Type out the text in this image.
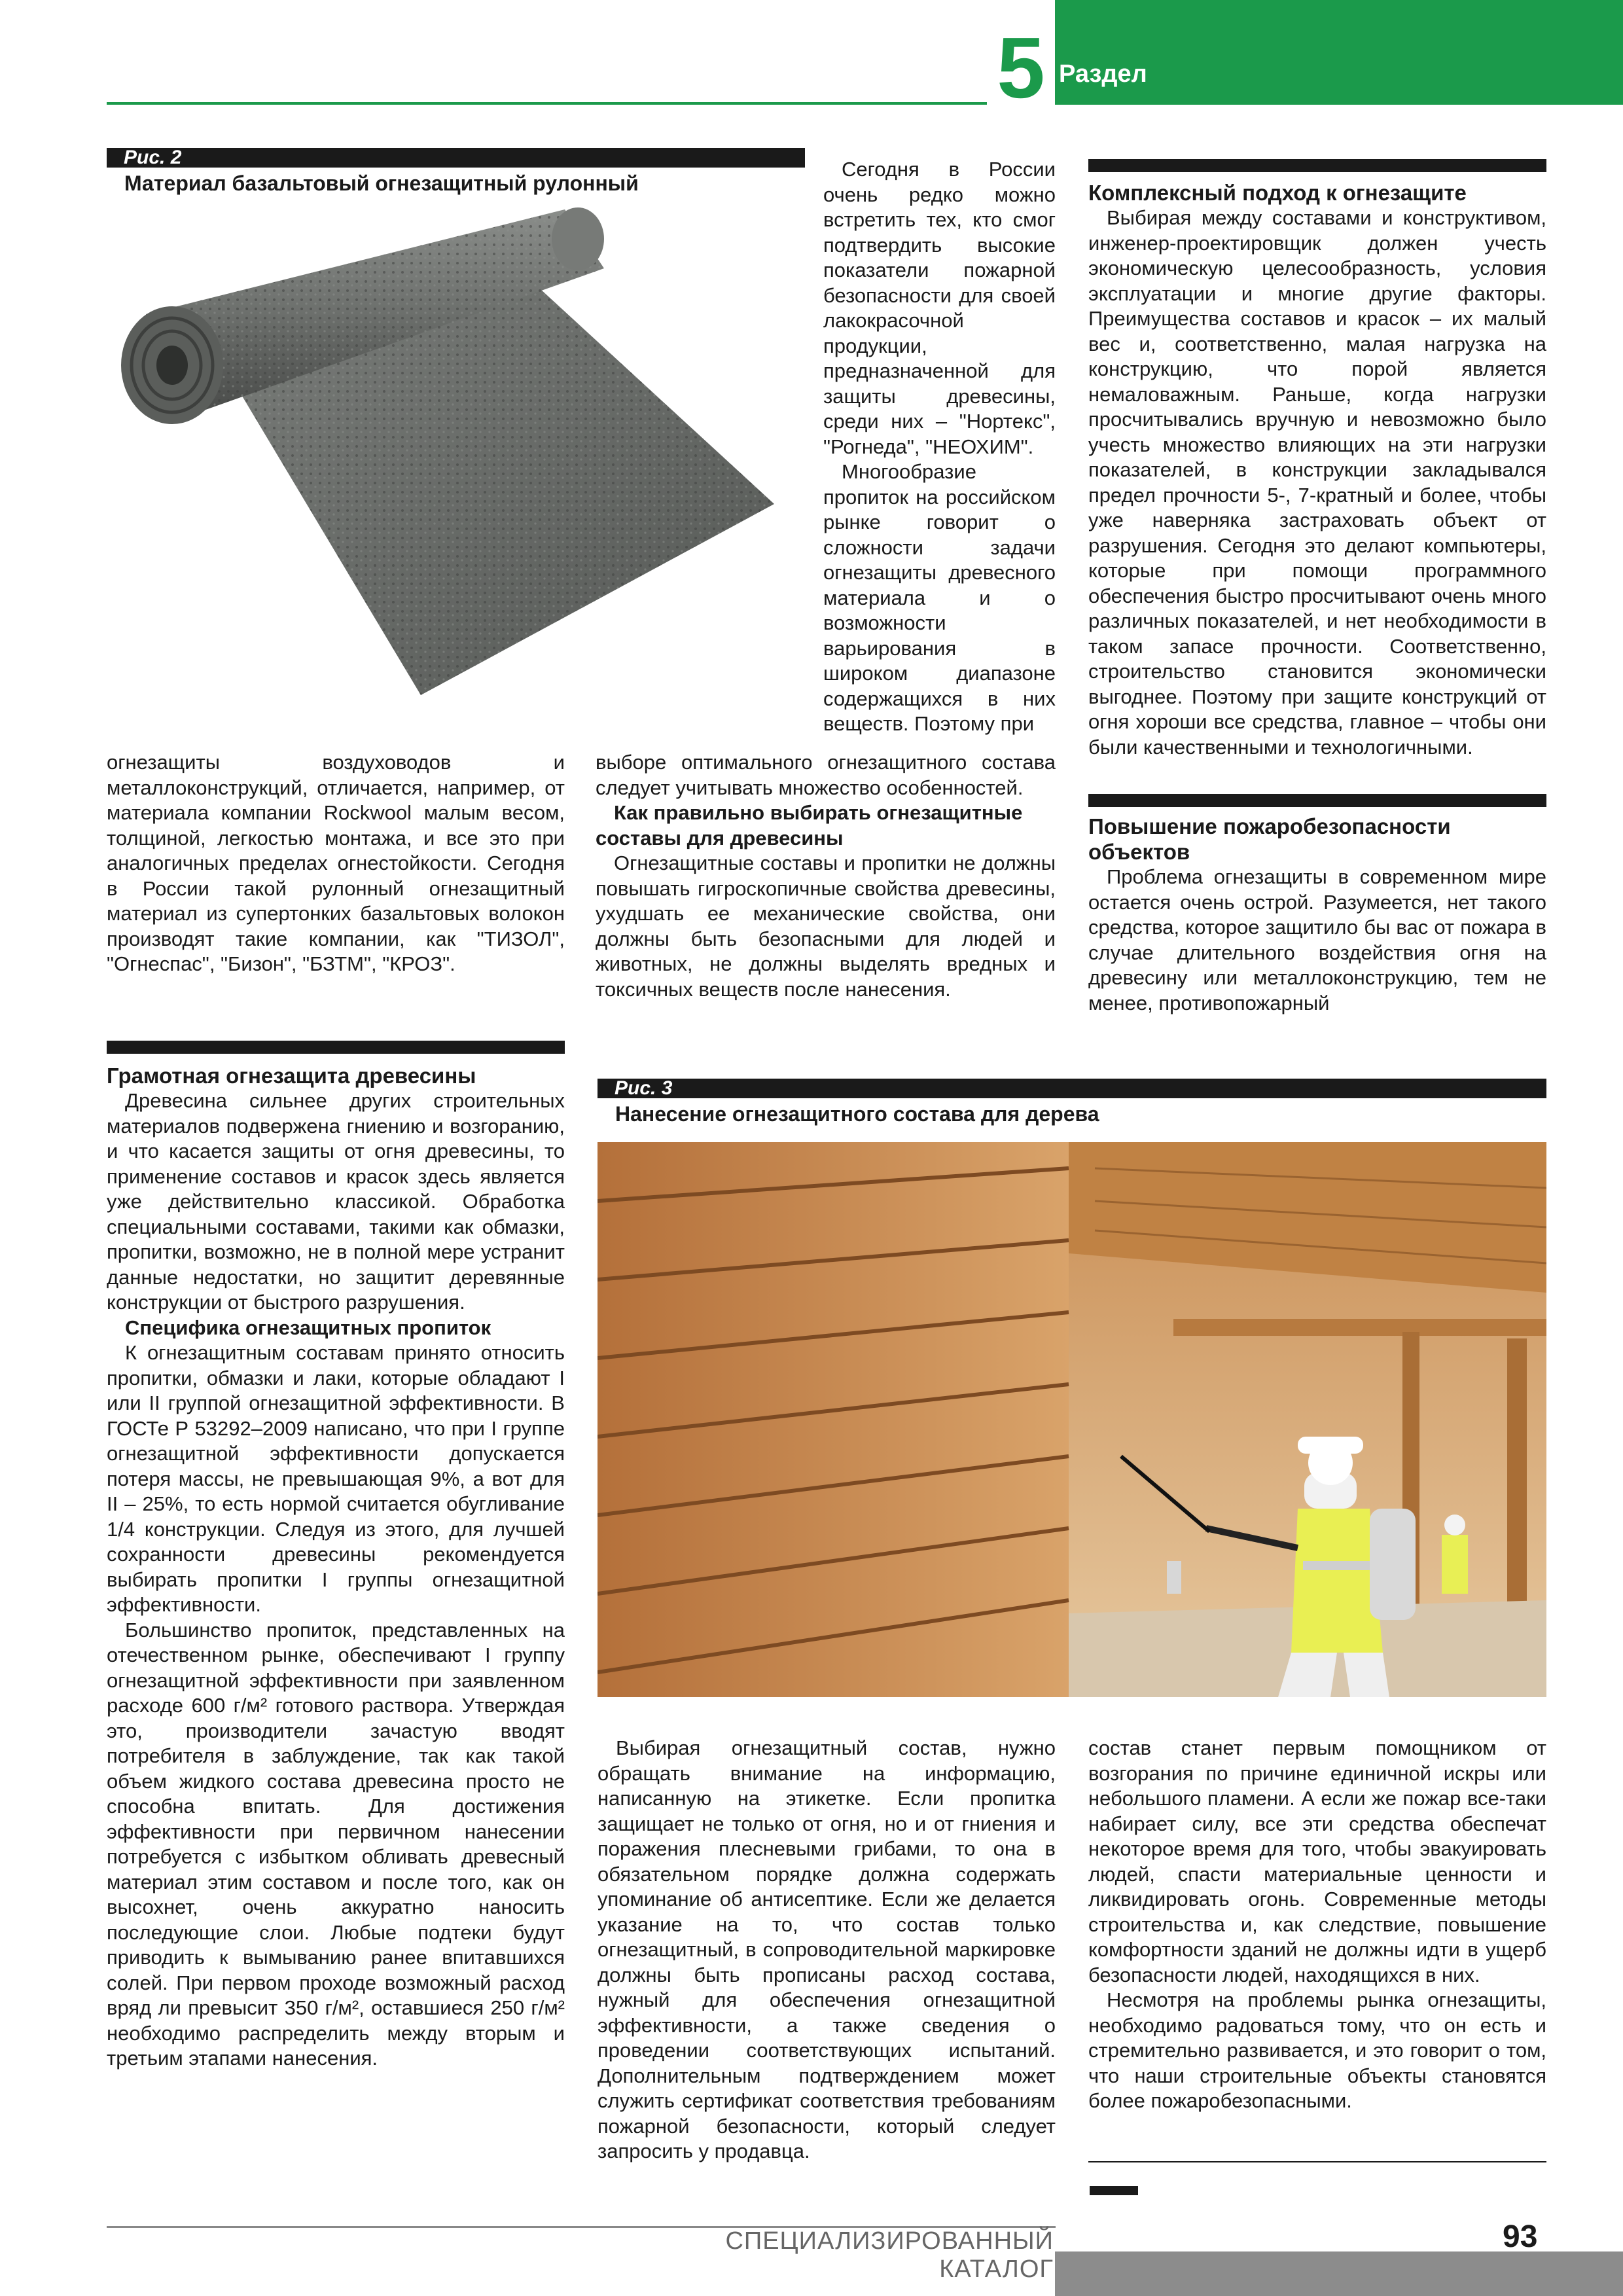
5 Раздел
Рис. 2
Материал базальтовый огнезащитный рулонный

Сегодня в России очень редко можно встретить тех, кто смог подтвердить высокие показатели пожарной безопасности для своей лакокрасочной продукции, предназначенной для защиты древесины, среди них – "Нортекс", "Рогнеда", "НЕОХИМ".

Многообразие пропиток на российском рынке говорит о сложности задачи огнезащиты древесного материала и о возможности варьирования в широком диапазоне содержащихся в них веществ. Поэтому при

Комплексный подход к огнезащите

Выбирая между составами и конструктивом, инженер-проектировщик должен учесть экономическую целесообразность, условия эксплуатации и многие другие факторы. Преимущества составов и красок – их малый вес и, соответственно, малая нагрузка на конструкцию, что порой является немаловажным. Раньше, когда нагрузки просчитывались вручную и невозможно было учесть множество влияющих на эти нагрузки показателей, в конструкции закладывался предел прочности 5-, 7-кратный и более, чтобы уже наверняка застраховать объект от разрушения. Сегодня это делают компьютеры, которые при помощи программного обеспечения быстро просчитывают очень много различных показателей, и нет необходимости в таком запасе прочности. Соответственно, строительство становится экономически выгоднее. Поэтому при защите конструкций от огня хороши все средства, главное – чтобы они были качественными и технологичными.

Повышение пожаробезопасности объектов

Проблема огнезащиты в современном мире остается очень острой. Разумеется, нет такого средства, которое защитило бы вас от пожара в случае длительного воздействия огня на древесину или металлоконструкцию, тем не менее, противопожарный

огнезащиты воздуховодов и металлоконструкций, отличается, например, от материала компании Rockwool малым весом, толщиной, легкостью монтажа, и все это при аналогичных пределах огнестойкости. Сегодня в России такой рулонный огнезащитный материал из супертонких базальтовых волокон производят такие компании, как "ТИЗОЛ", "Огнеспас", "Бизон", "БЗТМ", "КРОЗ".

выборе оптимального огнезащитного состава следует учитывать множество особенностей.

Как правильно выбирать огнезащитные составы для древесины

Огнезащитные составы и пропитки не должны повышать гигроскопичные свойства древесины, ухудшать ее механические свойства, они должны быть безопасными для людей и животных, не должны выделять вредных и токсичных веществ после нанесения.

Грамотная огнезащита древесины

Древесина сильнее других строительных материалов подвержена гниению и возгоранию, и что касается защиты от огня древесины, то применение составов и красок здесь является уже действительно классикой. Обработка специальными составами, такими как обмазки, пропитки, возможно, не в полной мере устранит данные недостатки, но защитит деревянные конструкции от быстрого разрушения.

Специфика огнезащитных пропиток

К огнезащитным составам принято относить пропитки, обмазки и лаки, которые обладают I или II группой огнезащитной эффективности. В ГОСТе Р 53292–2009 написано, что при I группе огнезащитной эффективности допускается потеря массы, не превышающая 9%, а вот для II – 25%, то есть нормой считается обугливание 1/4 конструкции. Следуя из этого, для лучшей сохранности древесины рекомендуется выбирать пропитки I группы огнезащитной эффективности.

Большинство пропиток, представленных на отечественном рынке, обеспечивают I группу огнезащитной эффективности при заявленном расходе 600 г/м² готового раствора. Утверждая это, производители зачастую вводят потребителя в заблуждение, так как такой объем жидкого состава древесина просто не способна впитать. Для достижения эффективности при первичном нанесении потребуется с избытком обливать древесный материал этим составом и после того, как он высохнет, очень аккуратно наносить последующие слои. Любые подтеки будут приводить к вымыванию ранее впитавшихся солей. При первом проходе возможный расход вряд ли превысит 350 г/м², оставшиеся 250 г/м² необходимо распределить между вторым и третьим этапами нанесения.

Рис. 3
Нанесение огнезащитного состава для дерева

Выбирая огнезащитный состав, нужно обращать внимание на информацию, написанную на этикетке. Если пропитка защищает не только от огня, но и от гниения и поражения плесневыми грибами, то она в обязательном порядке должна содержать упоминание об антисептике. Если же делается указание на то, что состав только огнезащитный, в сопроводительной маркировке должны быть прописаны расход состава, нужный для обеспечения огнезащитной эффективности, а также сведения о проведении соответствующих испытаний. Дополнительным подтверждением может служить сертификат соответствия требованиям пожарной безопасности, который следует запросить у продавца.

состав станет первым помощником от возгорания по причине единичной искры или небольшого пламени. А если же пожар все-таки набирает силу, все эти средства обеспечат некоторое время для того, чтобы эвакуировать людей, спасти материальные ценности и ликвидировать огонь. Современные методы строительства и, как следствие, повышение комфортности зданий не должны идти в ущерб безопасности людей, находящихся в них.

Несмотря на проблемы рынка огнезащиты, необходимо радоваться тому, что он есть и стремительно развивается, и это говорит о том, что наши строительные объекты становятся более пожаробезопасными.

СПЕЦИАЛИЗИРОВАННЫЙ КАТАЛОГ
93
